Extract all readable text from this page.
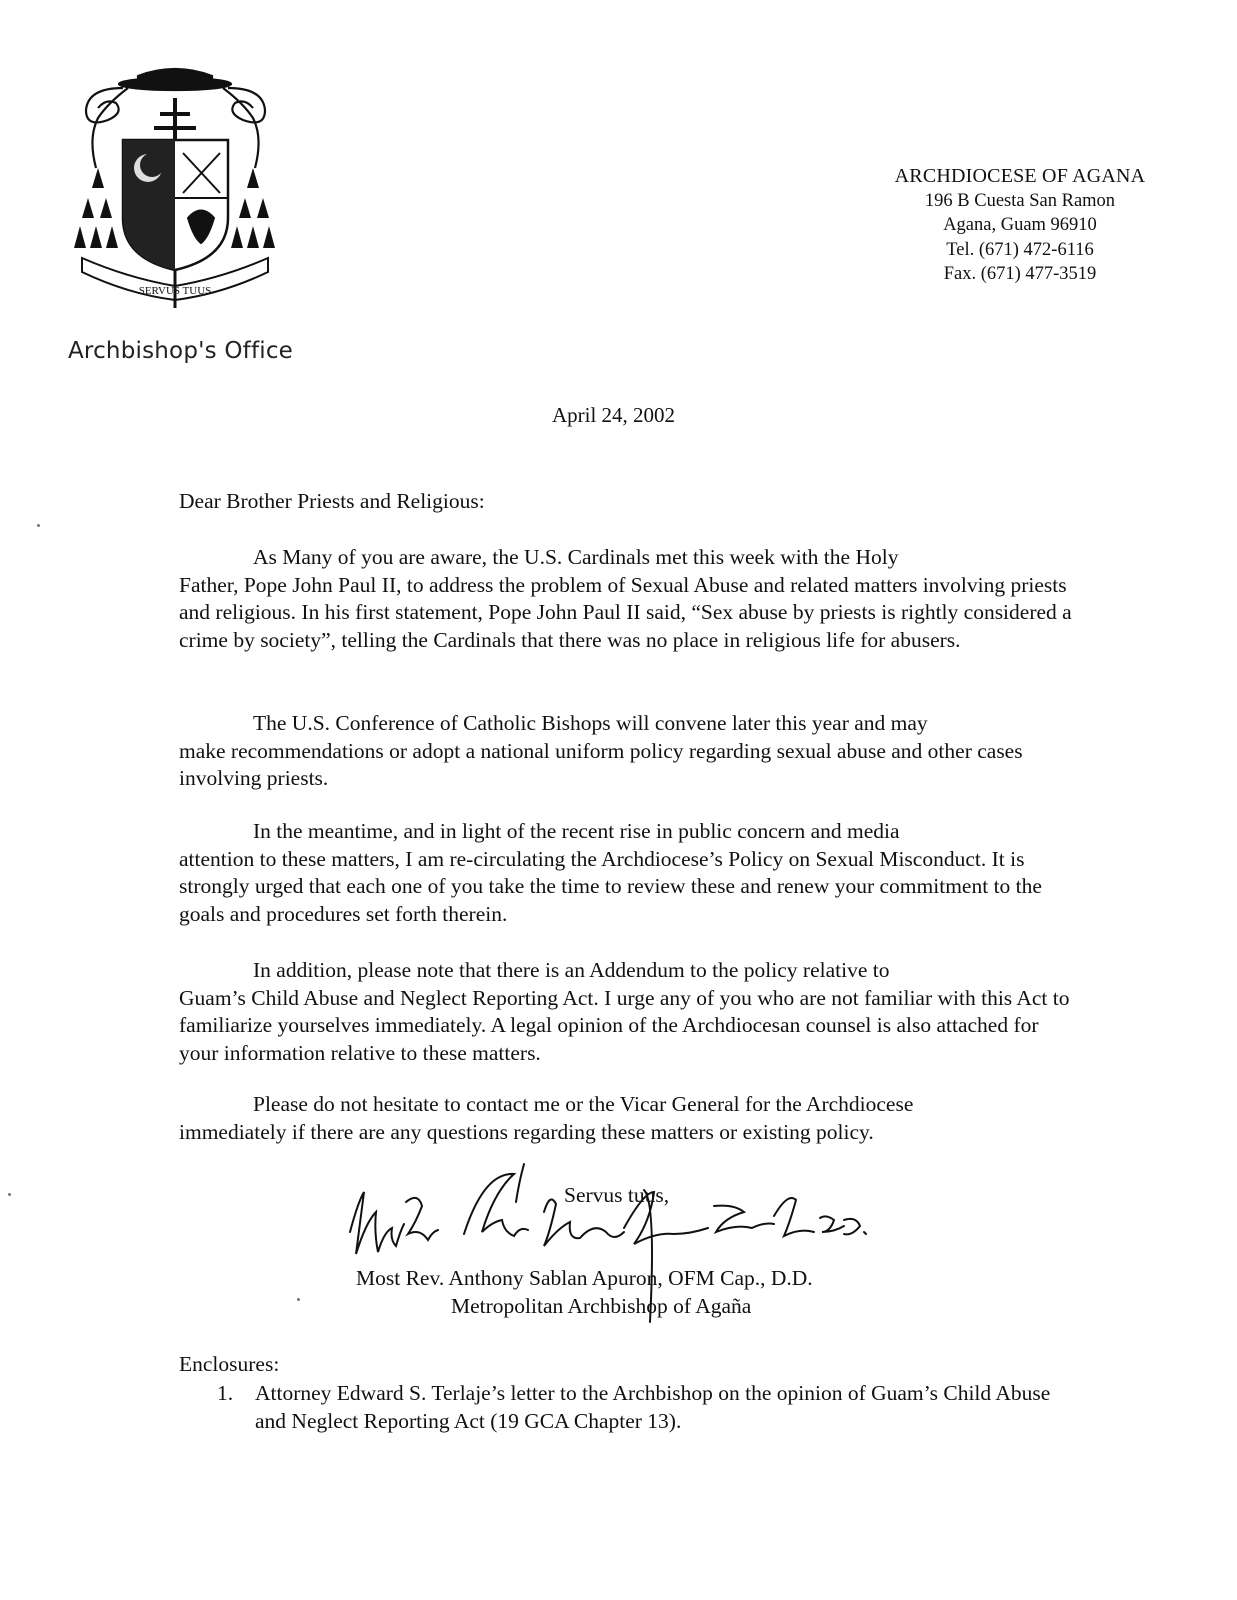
SERVUS TUUS
Archbishop's Office
ARCHDIOCESE OF AGANA
196 B Cuesta San Ramon
Agana, Guam 96910
Tel. (671) 472-6116
Fax. (671) 477-3519
April 24, 2002
Dear Brother Priests and Religious:
As Many of you are aware, the U.S. Cardinals met this week with the Holy
Father, Pope John Paul II, to address the problem of Sexual Abuse and related matters involving priests and religious. In his first statement, Pope John Paul II said, “Sex abuse by priests is rightly considered a crime by society”, telling the Cardinals that there was no place in religious life for abusers.
The U.S. Conference of Catholic Bishops will convene later this year and may
make recommendations or adopt a national uniform policy regarding sexual abuse and other cases involving priests.
In the meantime, and in light of the recent rise in public concern and media
attention to these matters, I am re-circulating the Archdiocese’s Policy on Sexual Misconduct. It is strongly urged that each one of you take the time to review these and renew your commitment to the goals and procedures set forth therein.
In addition, please note that there is an Addendum to the policy relative to
Guam’s Child Abuse and Neglect Reporting Act. I urge any of you who are not familiar with this Act to familiarize yourselves immediately. A legal opinion of the Archdiocesan counsel is also attached for your information relative to these matters.
Please do not hesitate to contact me or the Vicar General for the Archdiocese
immediately if there are any questions regarding these matters or existing policy.
Servus tuus,
Most Rev. Anthony Sablan Apuron, OFM Cap., D.D.
Metropolitan Archbishop of Agaña
Enclosures:
1. Attorney Edward S. Terlaje’s letter to the Archbishop on the opinion of Guam’s Child Abuse and Neglect Reporting Act (19 GCA Chapter 13).
